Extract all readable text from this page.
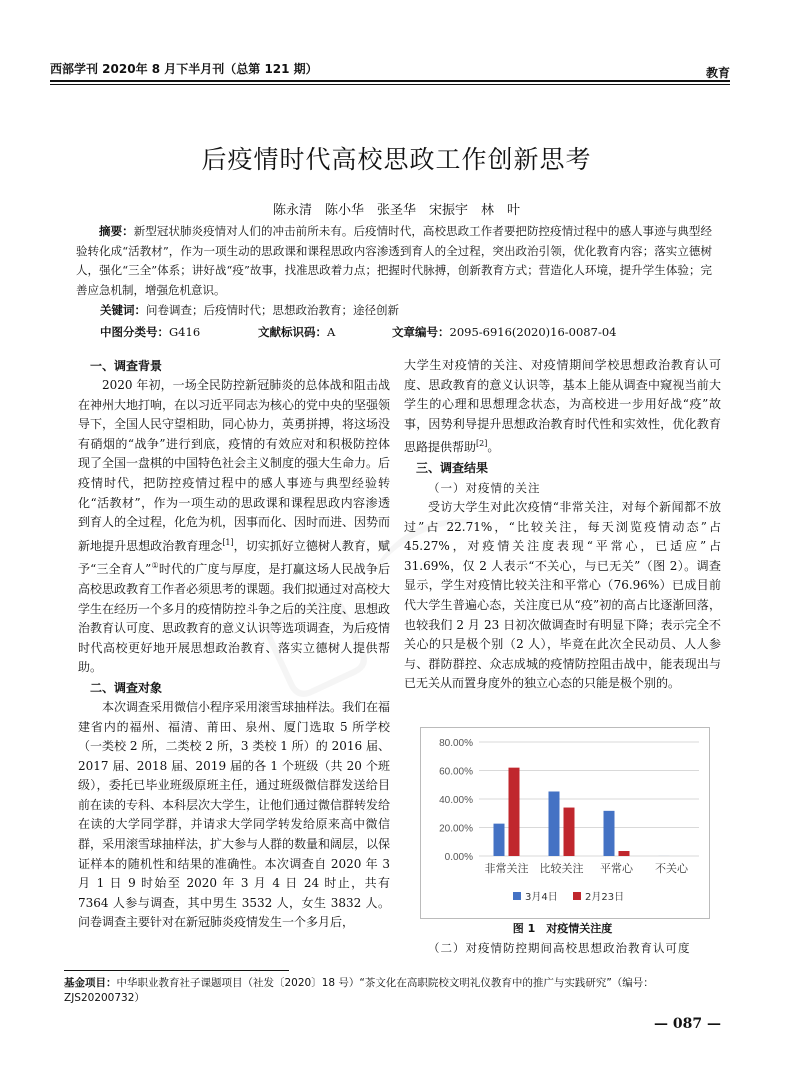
西部学刊 2020年 8 月下半月刊（总第 121 期）	教育
后疫情时代高校思政工作创新思考
陈永清　陈小华　张圣华　宋振宇　林　叶
摘要：新型冠状肺炎疫情对人们的冲击前所未有。后疫情时代，高校思政工作者要把防控疫情过程中的感人事迹与典型经验转化成“活教材”，作为一项生动的思政课和课程思政内容渗透到育人的全过程，突出政治引领，优化教育内容；落实立德树人，强化“三全”体系；讲好战“疫”故事，找准思政着力点；把握时代脉搏，创新教育方式；营造化人环境，提升学生体验；完善应急机制，增强危机意识。
关键词：问卷调查；后疫情时代；思想政治教育；途径创新
中图分类号：G416	文献标识码：A	文章编号：2095-6916(2020)16-0087-04
一、调查背景

2020 年初，一场全民防控新冠肺炎的总体战和阻击战在神州大地打响，在以习近平同志为核心的党中央的坚强领导下，全国人民守望相助，同心协力，英勇拼搏，将这场没有硝烟的“战争”进行到底，疫情的有效应对和积极防控体现了全国一盘棋的中国特色社会主义制度的强大生命力。后疫情时代，把防控疫情过程中的感人事迹与典型经验转化“活教材”，作为一项生动的思政课和课程思政内容渗透到育人的全过程，化危为机，因事而化、因时而进、因势而新地提升思想政治教育理念[1]，切实抓好立德树人教育，赋予“三全育人”①时代的广度与厚度，是打赢这场人民战争后高校思政教育工作者必须思考的课题。我们拟通过对高校大学生在经历一个多月的疫情防控斗争之后的关注度、思想政治教育认可度、思政教育的意义认识等选项调查，为后疫情时代高校更好地开展思想政治教育、落实立德树人提供帮助。

二、调查对象

本次调查采用微信小程序采用滚雪球抽样法。我们在福建省内的福州、福清、莆田、泉州、厦门选取 5 所学校（一类校 2 所，二类校 2 所，3 类校 1 所）的 2016 届、2017 届、2018 届、2019 届的各 1 个班级（共 20 个班级），委托已毕业班级原班主任，通过班级微信群发送给目前在读的专科、本科层次大学生，让他们通过微信群转发给在读的大学同学群，并请求大学同学转发给原来高中微信群，采用滚雪球抽样法，扩大参与人群的数量和阔层，以保证样本的随机性和结果的准确性。本次调查自 2020 年 3 月 1 日 9 时始至 2020 年 3 月 4 日 24 时止，共有 7364 人参与调查，其中男生 3532 人，女生 3832 人。问卷调查主要针对在新冠肺炎疫情发生一个多月后，

大学生对疫情的关注、对疫情期间学校思想政治教育认可度、思政教育的意义认识等，基本上能从调查中窥视当前大学生的心理和思想理念状态，为高校进一步用好战“疫”故事，因势利导提升思想政治教育时代性和实效性，优化教育思路提供帮助[2]。

三、调查结果
（一）对疫情的关注

受访大学生对此次疫情“非常关注，对每个新闻都不放过”占 22.71%，“比较关注，每天浏览疫情动态”占 45.27%，对疫情关注度表现“平常心，已适应”占 31.69%，仅 2 人表示“不关心，与已无关”（图 2）。调查显示，学生对疫情比较关注和平常心（76.96%）已成目前代大学生普遍心态，关注度已从“疫”初的高占比逐渐回落，也较我们 2 月 23 日初次做调查时有明显下降；表示完全不关心的只是极个别（2 人），毕竟在此次全民动员、人人参与、群防群控、众志成城的疫情防控阻击战中，能表现出与已无关从而置身度外的独立心态的只能是极个别的。

0.00%
20.00%
40.00%
60.00%
80.00%
非常关注 比较关注 平常心 不关心
3月4日	2月23日
图 1　对疫情关注度
（二）对疫情防控期间高校思想政治教育认可度
基金项目：中华职业教育社子课题项目（社发〔2020〕18 号）“茶文化在高职院校文明礼仪教育中的推广与实践研究”（编号：ZJS20200732）
— 087 —
